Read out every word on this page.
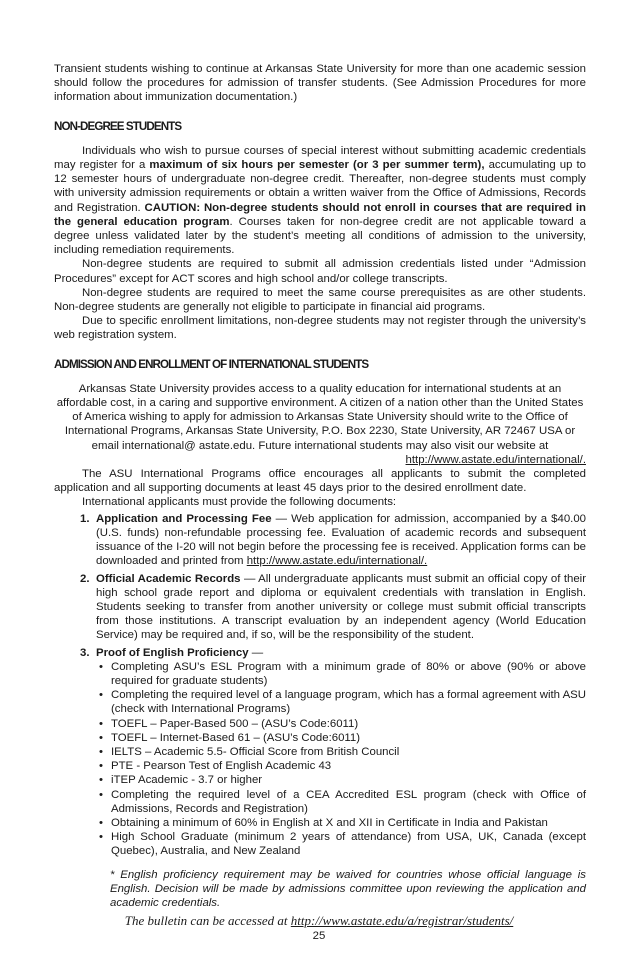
Transient students wishing to continue at Arkansas State University for more than one academic session should follow the procedures for admission of transfer students. (See Admission Procedures for more information about immunization documentation.)

NON-DEGREE STUDENTS

Individuals who wish to pursue courses of special interest without submitting academic credentials may register for a maximum of six hours per semester (or 3 per summer term), accumulating up to 12 semester hours of undergraduate non-degree credit. Thereafter, non-degree students must comply with university admission requirements or obtain a written waiver from the Office of Admissions, Records and Registration. CAUTION: Non-degree students should not enroll in courses that are required in the general education program. Courses taken for non-degree credit are not applicable toward a degree unless validated later by the student’s meeting all conditions of admission to the university, including remediation requirements.

Non-degree students are required to submit all admission credentials listed under “Admission Procedures” except for ACT scores and high school and/or college transcripts.

Non-degree students are required to meet the same course prerequisites as are other students. Non-degree students are generally not eligible to participate in financial aid programs.

Due to specific enrollment limitations, non-degree students may not register through the university’s web registration system.

ADMISSION AND ENROLLMENT OF INTERNATIONAL STUDENTS

Arkansas State University provides access to a quality education for international students at an affordable cost, in a caring and supportive environment. A citizen of a nation other than the United States of America wishing to apply for admission to Arkansas State University should write to the Office of International Programs, Arkansas State University, P.O. Box 2230, State University, AR 72467 USA or email international@ astate.edu. Future international students may also visit our website at

http://www.astate.edu/international/.

The ASU International Programs office encourages all applicants to submit the completed application and all supporting documents at least 45 days prior to the desired enrollment date.

International applicants must provide the following documents:

1. Application and Processing Fee — Web application for admission, accompanied by a $40.00 (U.S. funds) non-refundable processing fee. Evaluation of academic records and subsequent issuance of the I-20 will not begin before the processing fee is received. Application forms can be downloaded and printed from http://www.astate.edu/international/.
2. Official Academic Records — All undergraduate applicants must submit an official copy of their high school grade report and diploma or equivalent credentials with translation in English. Students seeking to transfer from another university or college must submit official transcripts from those institutions. A transcript evaluation by an independent agency (World Education Service) may be required and, if so, will be the responsibility of the student.
3. Proof of English Proficiency —
• Completing ASU’s ESL Program with a minimum grade of 80% or above (90% or above required for graduate students)
• Completing the required level of a language program, which has a formal agreement with ASU (check with International Programs)
• TOEFL – Paper-Based 500 – (ASU’s Code:6011)
• TOEFL – Internet-Based 61 – (ASU’s Code:6011)
• IELTS – Academic 5.5- Official Score from British Council
• PTE - Pearson Test of English Academic 43
• iTEP Academic - 3.7 or higher
• Completing the required level of a CEA Accredited ESL program (check with Office of Admissions, Records and Registration)
• Obtaining a minimum of 60% in English at X and XII in Certificate in India and Pakistan
• High School Graduate (minimum 2 years of attendance) from USA, UK, Canada (except Quebec), Australia, and New Zealand

* English proficiency requirement may be waived for countries whose official language is English. Decision will be made by admissions committee upon reviewing the application and academic credentials.

The bulletin can be accessed at http://www.astate.edu/a/registrar/students/
25
